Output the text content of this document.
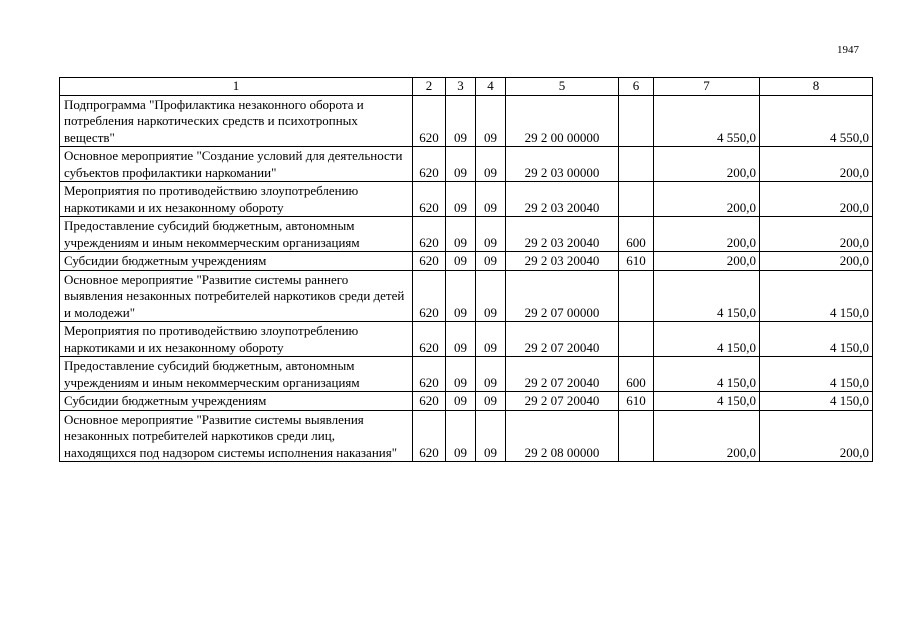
1947
1	2	3	4	5	6	7	8
Подпрограмма "Профилактика незаконного оборота и потребления наркотических средств и психотропных веществ"	620	09	09	29 2 00 00000		4 550,0	4 550,0
Основное мероприятие "Создание условий для деятельности субъектов профилактики наркомании"	620	09	09	29 2 03 00000		200,0	200,0
Мероприятия по противодействию злоупотреблению наркотиками и их незаконному обороту	620	09	09	29 2 03 20040		200,0	200,0
Предоставление субсидий бюджетным, автономным учреждениям и иным некоммерческим организациям	620	09	09	29 2 03 20040	600	200,0	200,0
Субсидии бюджетным учреждениям	620	09	09	29 2 03 20040	610	200,0	200,0
Основное мероприятие "Развитие системы раннего выявления незаконных потребителей наркотиков среди детей и молодежи"	620	09	09	29 2 07 00000		4 150,0	4 150,0
Мероприятия по противодействию злоупотреблению наркотиками и их незаконному обороту	620	09	09	29 2 07 20040		4 150,0	4 150,0
Предоставление субсидий бюджетным, автономным учреждениям и иным некоммерческим организациям	620	09	09	29 2 07 20040	600	4 150,0	4 150,0
Субсидии бюджетным учреждениям	620	09	09	29 2 07 20040	610	4 150,0	4 150,0
Основное мероприятие "Развитие системы выявления незаконных потребителей наркотиков среди лиц, находящихся под надзором системы исполнения наказания"	620	09	09	29 2 08 00000		200,0	200,0
